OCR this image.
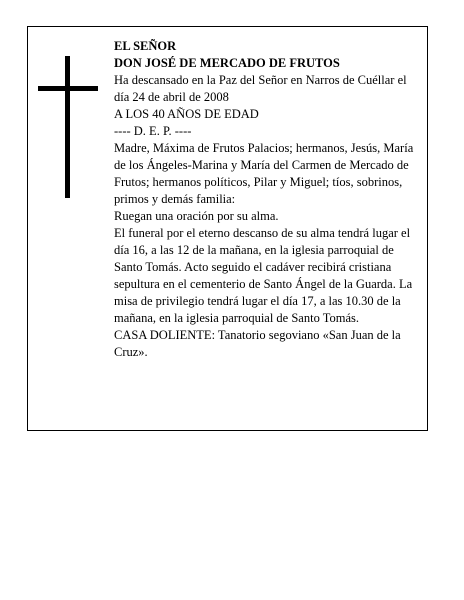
EL SEÑOR

DON JOSÉ DE MERCADO DE FRUTOS

Ha descansado en la Paz del Señor en Narros de Cuéllar el día 24 de abril de 2008

A LOS 40 AÑOS DE EDAD

---- D. E. P. ----

Madre, Máxima de Frutos Palacios; hermanos, Jesús, María de los Ángeles-Marina y María del Carmen de Mercado de Frutos; hermanos políticos, Pilar y Miguel; tíos, sobrinos, primos y demás familia:

Ruegan una oración por su alma.

El funeral por el eterno descanso de su alma tendrá lugar el día 16, a las 12 de la mañana, en la iglesia parroquial de Santo Tomás. Acto seguido el cadáver recibirá cristiana sepultura en el cementerio de Santo Ángel de la Guarda. La misa de privilegio tendrá lugar el día 17, a las 10.30 de la mañana, en la iglesia parroquial de Santo Tomás.

CASA DOLIENTE: Tanatorio segoviano «San Juan de la Cruz».
